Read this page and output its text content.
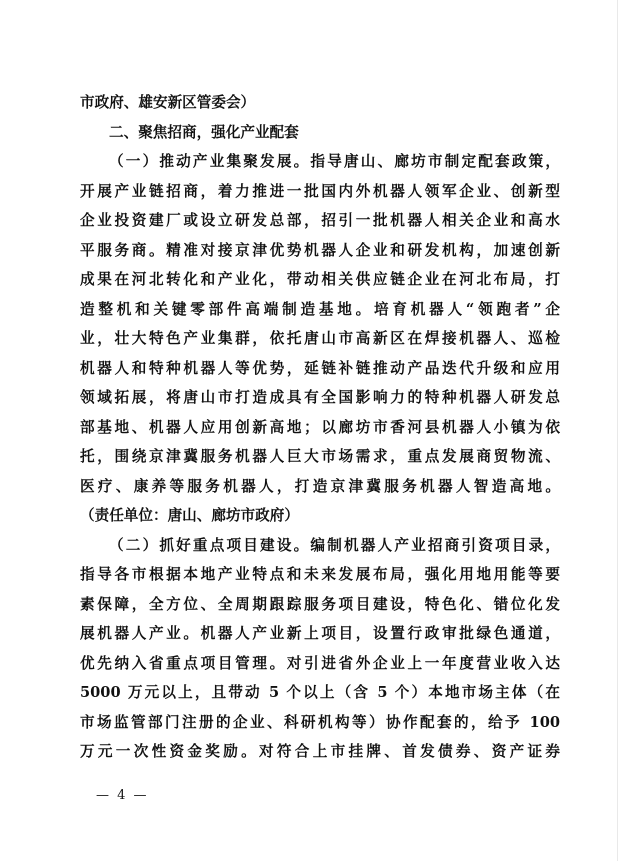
市政府、雄安新区管委会）
二、聚焦招商，强化产业配套
（一）推动产业集聚发展。指导唐山、廊坊市制定配套政策，
开展产业链招商，着力推进一批国内外机器人领军企业、创新型
企业投资建厂或设立研发总部，招引一批机器人相关企业和高水
平服务商。精准对接京津优势机器人企业和研发机构，加速创新
成果在河北转化和产业化，带动相关供应链企业在河北布局，打
造整机和关键零部件高端制造基地。培育机器人“领跑者”企
业，壮大特色产业集群，依托唐山市高新区在焊接机器人、巡检
机器人和特种机器人等优势，延链补链推动产品迭代升级和应用
领域拓展，将唐山市打造成具有全国影响力的特种机器人研发总
部基地、机器人应用创新高地；以廊坊市香河县机器人小镇为依
托，围绕京津冀服务机器人巨大市场需求，重点发展商贸物流、
医疗、康养等服务机器人，打造京津冀服务机器人智造高地。
（责任单位：唐山、廊坊市政府）
（二）抓好重点项目建设。编制机器人产业招商引资项目录，
指导各市根据本地产业特点和未来发展布局，强化用地用能等要
素保障，全方位、全周期跟踪服务项目建设，特色化、错位化发
展机器人产业。机器人产业新上项目，设置行政审批绿色通道，
优先纳入省重点项目管理。对引进省外企业上一年度营业收入达
5000 万元以上，且带动 5 个以上（含 5 个）本地市场主体（在
市场监管部门注册的企业、科研机构等）协作配套的，给予 100
万元一次性资金奖励。对符合上市挂牌、首发债券、资产证券
— 4 —
